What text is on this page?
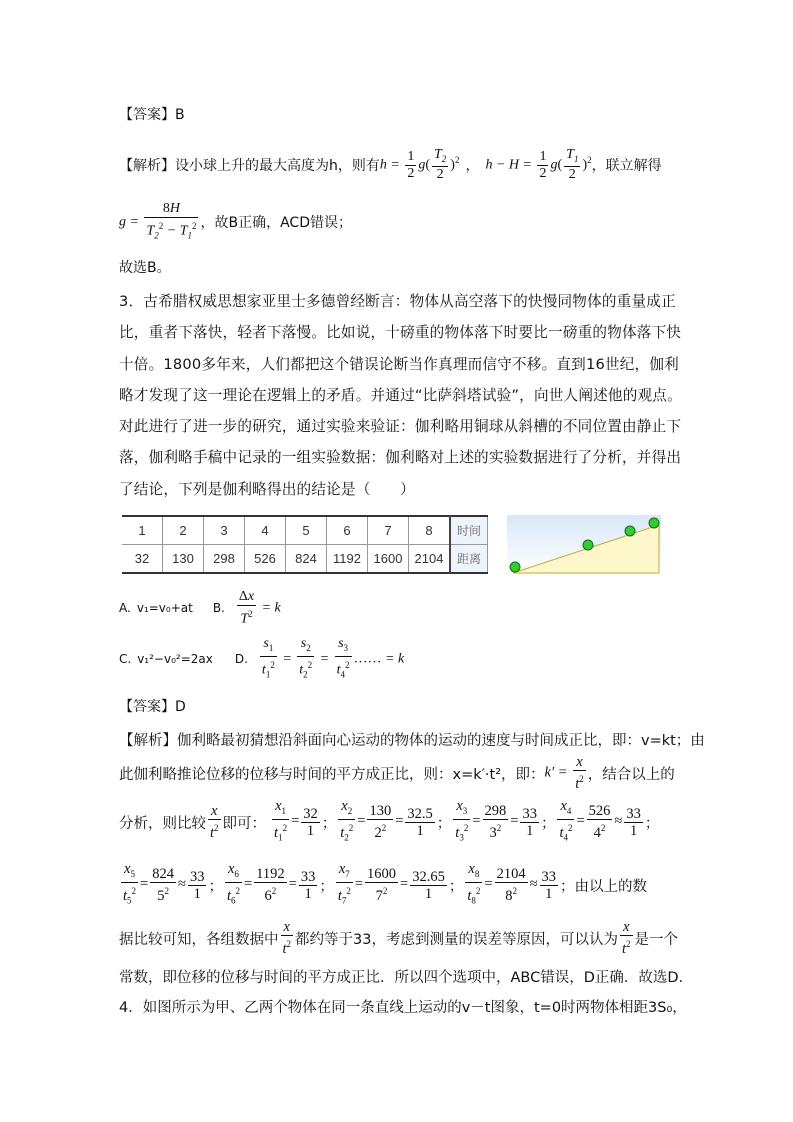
【答案】B
【解析】 设小球上升的最大高度为h，则有 $h = \frac{1}{2} g( \frac{T_2}{2} )^2$ ， $h - H = \frac{1}{2} g( \frac{T_1}{2} )^2$ ，联立解得
$g = \frac{8H}{T_2^2 - T_1^2}$ ，故B正确，ACD错误；
故选B。
3．古希腊权威思想家亚里士多德曾经断言：物体从高空落下的快慢同物体的重量成正比，重者下落快，轻者下落慢。比如说，十磅重的物体落下时要比一磅重的物体落下快十倍。1800多年来，人们都把这个错误论断当作真理而信守不移。直到16世纪，伽利略才发现了这一理论在逻辑上的矛盾。并通过“比萨斜塔试验”，向世人阐述他的观点。对此进行了进一步的研究，通过实验来验证：伽利略用铜球从斜槽的不同位置由静止下落，伽利略手稿中记录的一组实验数据：伽利略对上述的实验数据进行了分析，并得出了结论，下列是伽利略得出的结论是（　　）
1	2	3	4	5	6	7	8	时间
32	130	298	526	824	1192	1600	2104	距离
A. v₁=v₀+at B. $\frac{\Delta x}{T^2} = k$
C. v₁²−v₀²=2ax D. $\frac{s_1}{t_1^2} = \frac{s_2}{t_2^2} = \frac{s_3}{t_4^2}$ …… = k
【答案】D
【解析】伽利略最初猜想沿斜面向心运动的物体的运动的速度与时间成正比，即：v=kt；由
此伽利略推论位移的位移与时间的平方成正比，则：x=k′·t²，即： $k' = \frac{x}{t^2}$ ，结合以上的
分析，则比较 $\frac{x}{t^2}$ 即可： $\frac{x_1}{t_1^2} = \frac{32}{1}$ ； $\frac{x_2}{t_2^2} = \frac{130}{2^2} = \frac{32.5}{1}$ ； $\frac{x_3}{t_3^2} = \frac{298}{3^2} = \frac{33}{1}$ ； $\frac{x_4}{t_4^2} = \frac{526}{4^2} \approx \frac{33}{1}$ ；
$\frac{x_5}{t_5^2} = \frac{824}{5^2} \approx \frac{33}{1}$ ； $\frac{x_6}{t_6^2} = \frac{1192}{6^2} = \frac{33}{1}$ ； $\frac{x_7}{t_7^2} = \frac{1600}{7^2} = \frac{32.65}{1}$ ； $\frac{x_8}{t_8^2} = \frac{2104}{8^2} \approx \frac{33}{1}$ ；由以上的数
据比较可知，各组数据中 $\frac{x}{t^2}$ 都约等于33，考虑到测量的误差等原因，可以认为 $\frac{x}{t^2}$ 是一个
常数，即位移的位移与时间的平方成正比．所以四个选项中，ABC错误，D正确．故选D．
4．如图所示为甲、乙两个物体在同一条直线上运动的v－t图象，t=0时两物体相距3S₀，
